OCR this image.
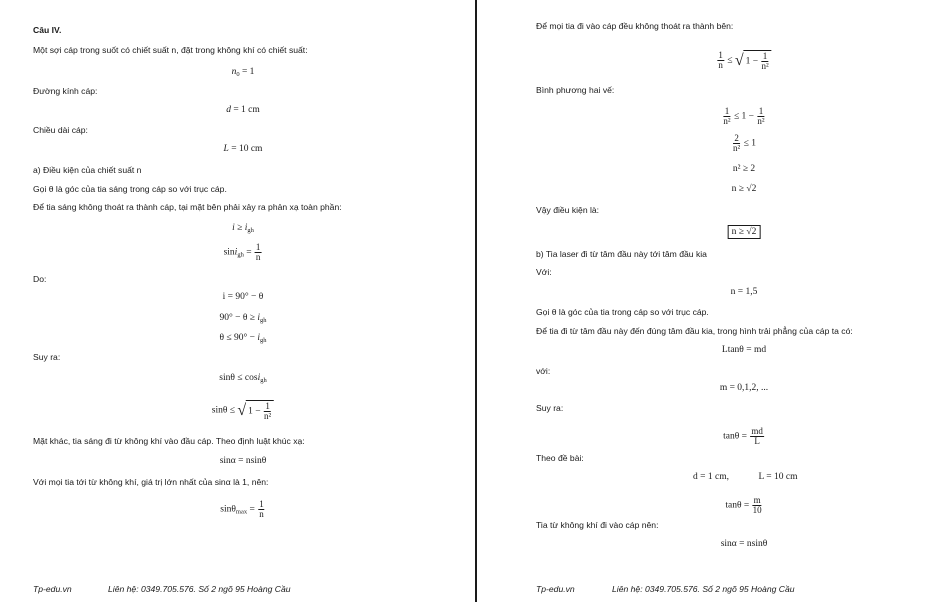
Câu IV.
Một sợi cáp trong suốt có chiết suất n, đặt trong không khí có chiết suất:
$n_0 = 1$
Đường kính cáp:
d = 1 cm
Chiều dài cáp:
L = 10 cm
a) Điều kiện của chiết suất n
Gọi θ là góc của tia sáng trong cáp so với trục cáp.
Để tia sáng không thoát ra thành cáp, tại mặt bên phải xảy ra phản xạ toàn phần:
$i \ge i_{gh}$
$\sin i_{gh} = \frac{1}{n}$
Do:
i = 90° − θ
$90^\circ - \theta \ge i_{gh}$
$\theta \le 90^\circ - i_{gh}$
Suy ra:
sinθ ≤ cosi$_{gh}$
sinθ ≤ √ $1 - \frac{1}{\text{n²}}$
Mặt khác, tia sáng đi từ không khí vào đầu cáp. Theo định luật khúc xạ:
sinα = nsinθ
Với mọi tia tới từ không khí, giá trị lớn nhất của sinα là 1, nên:
$\sin\theta_{max} = \frac{1}{n}$
Tp-edu.vn	Liên hệ: 0349.705.576. Số 2 ngõ 95 Hoàng Cầu
Để mọi tia đi vào cáp đều không thoát ra thành bên:
$\frac{1}{n}$ ≤ √ $1 - \frac{1}{\text{n²}}$
Bình phương hai vế:
$\frac{1}{\text{n²}} \le 1 - \frac{1}{\text{n²}}$
$\frac{2}{\text{n²}} \le 1$
n² ≥ 2
n ≥ √2
Vậy điều kiện là:
n ≥ √2
b) Tia laser đi từ tâm đầu này tới tâm đầu kia
Với:
n = 1,5
Gọi θ là góc của tia trong cáp so với trục cáp.
Để tia đi từ tâm đầu này đến đúng tâm đầu kia, trong hình trải phẳng của cáp ta có:
Ltanθ = md
với:
m = 0,1,2, ...
Suy ra:
$\tan\theta = \frac{md}{L}$
Theo đề bài:
d = 1 cm,	L = 10 cm
$\tan\theta = \frac{m}{10}$
Tia từ không khí đi vào cáp nên:
sinα = nsinθ
Tp-edu.vn	Liên hệ: 0349.705.576. Số 2 ngõ 95 Hoàng Cầu
